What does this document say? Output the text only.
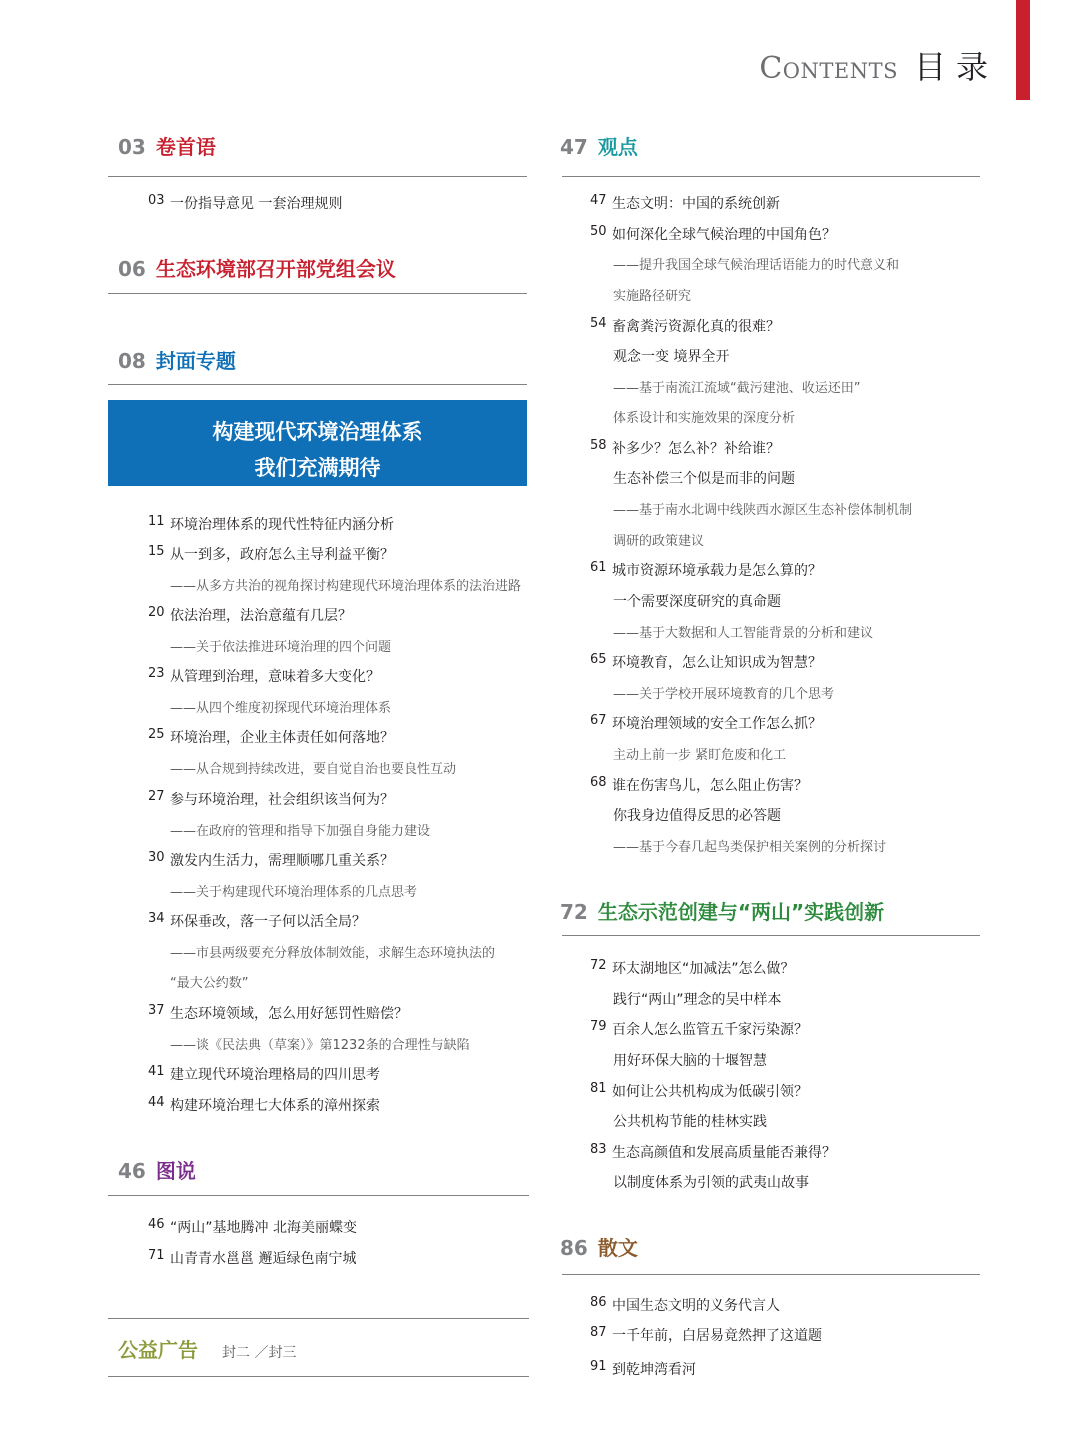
Contents 目录
03 卷首语
03 一份指导意见 一套治理规则
06 生态环境部召开部党组会议
08 封面专题
构建现代环境治理体系
我们充满期待
11 环境治理体系的现代性特征内涵分析
15 从一到多，政府怎么主导利益平衡？
——从多方共治的视角探讨构建现代环境治理体系的法治进路
20 依法治理，法治意蕴有几层？
——关于依法推进环境治理的四个问题
23 从管理到治理，意味着多大变化？
——从四个维度初探现代环境治理体系
25 环境治理，企业主体责任如何落地？
——从合规到持续改进，要自觉自治也要良性互动
27 参与环境治理，社会组织该当何为？
——在政府的管理和指导下加强自身能力建设
30 激发内生活力，需理顺哪几重关系？
——关于构建现代环境治理体系的几点思考
34 环保垂改，落一子何以活全局？
——市县两级要充分释放体制效能，求解生态环境执法的
“最大公约数”
37 生态环境领域，怎么用好惩罚性赔偿？
——谈《民法典（草案）》第1232条的合理性与缺陷
41 建立现代环境治理格局的四川思考
44 构建环境治理七大体系的漳州探索
46 图说
46 “两山”基地腾冲 北海美丽蝶变
71 山青青水邕邕 邂逅绿色南宁城
公益广告 封二 ／封三
47 观点
47 生态文明：中国的系统创新
50 如何深化全球气候治理的中国角色？
——提升我国全球气候治理话语能力的时代意义和
实施路径研究
54 畜禽粪污资源化真的很难？
观念一变 境界全开
——基于南流江流域“截污建池、收运还田”
体系设计和实施效果的深度分析
58 补多少？怎么补？补给谁？
生态补偿三个似是而非的问题
——基于南水北调中线陕西水源区生态补偿体制机制
调研的政策建议
61 城市资源环境承载力是怎么算的？
一个需要深度研究的真命题
——基于大数据和人工智能背景的分析和建议
65 环境教育，怎么让知识成为智慧？
——关于学校开展环境教育的几个思考
67 环境治理领域的安全工作怎么抓？
主动上前一步 紧盯危废和化工
68 谁在伤害鸟儿，怎么阻止伤害？
你我身边值得反思的必答题
——基于今春几起鸟类保护相关案例的分析探讨
72 生态示范创建与“两山”实践创新
72 环太湖地区“加减法”怎么做？
践行“两山”理念的吴中样本
79 百余人怎么监管五千家污染源？
用好环保大脑的十堰智慧
81 如何让公共机构成为低碳引领？
公共机构节能的桂林实践
83 生态高颜值和发展高质量能否兼得？
以制度体系为引领的武夷山故事
86 散文
86 中国生态文明的义务代言人
87 一千年前，白居易竟然押了这道题
91 到乾坤湾看河
